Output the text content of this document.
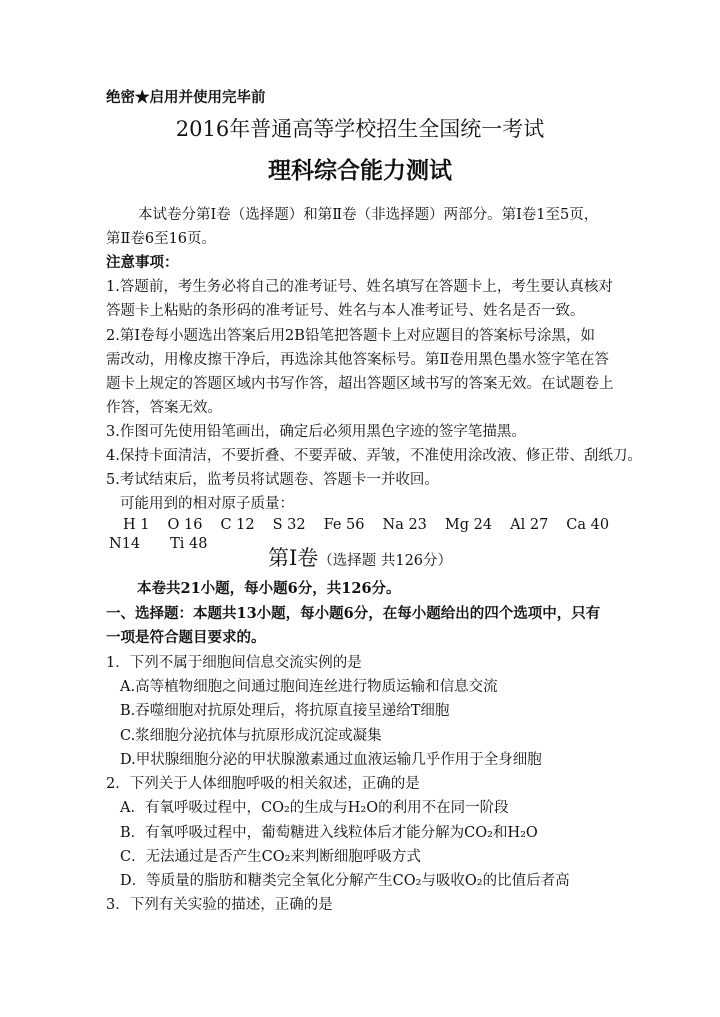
绝密★启用并使用完毕前
2016年普通高等学校招生全国统一考试
理科综合能力测试
本试卷分第Ⅰ卷（选择题）和第Ⅱ卷（非选择题）两部分。第Ⅰ卷1至5页，
第Ⅱ卷6至16页。
注意事项：
1.答题前，考生务必将自己的准考证号、姓名填写在答题卡上，考生要认真核对
答题卡上粘贴的条形码的准考证号、姓名与本人准考证号、姓名是否一致。
2.第Ⅰ卷每小题选出答案后用2B铅笔把答题卡上对应题目的答案标号涂黑，如
需改动，用橡皮擦干净后，再选涂其他答案标号。第Ⅱ卷用黑色墨水签字笔在答
题卡上规定的答题区域内书写作答，超出答题区域书写的答案无效。在试题卷上
作答，答案无效。
3.作图可先使用铅笔画出，确定后必须用黑色字迹的签字笔描黑。
4.保持卡面清洁，不要折叠、不要弄破、弄皱，不准使用涂改液、修正带、刮纸刀。
5.考试结束后，监考员将试题卷、答题卡一并收回。
可能用到的相对原子质量：
H 1 O 16 C 12 S 32 Fe 56 Na 23 Mg 24 Al 27 Ca 40
N14 Ti 48
第Ⅰ卷（选择题 共126分）
本卷共21小题，每小题6分，共126分。
一、选择题：本题共13小题，每小题6分，在每小题给出的四个选项中，只有
一项是符合题目要求的。
1．下列不属于细胞间信息交流实例的是
A.高等植物细胞之间通过胞间连丝进行物质运输和信息交流
B.吞噬细胞对抗原处理后，将抗原直接呈递给T细胞
C.浆细胞分泌抗体与抗原形成沉淀或凝集
D.甲状腺细胞分泌的甲状腺激素通过血液运输几乎作用于全身细胞
2．下列关于人体细胞呼吸的相关叙述，正确的是
A．有氧呼吸过程中，CO₂的生成与H₂O的利用不在同一阶段
B．有氧呼吸过程中，葡萄糖进入线粒体后才能分解为CO₂和H₂O
C．无法通过是否产生CO₂来判断细胞呼吸方式
D．等质量的脂肪和糖类完全氧化分解产生CO₂与吸收O₂的比值后者高
3．下列有关实验的描述，正确的是
